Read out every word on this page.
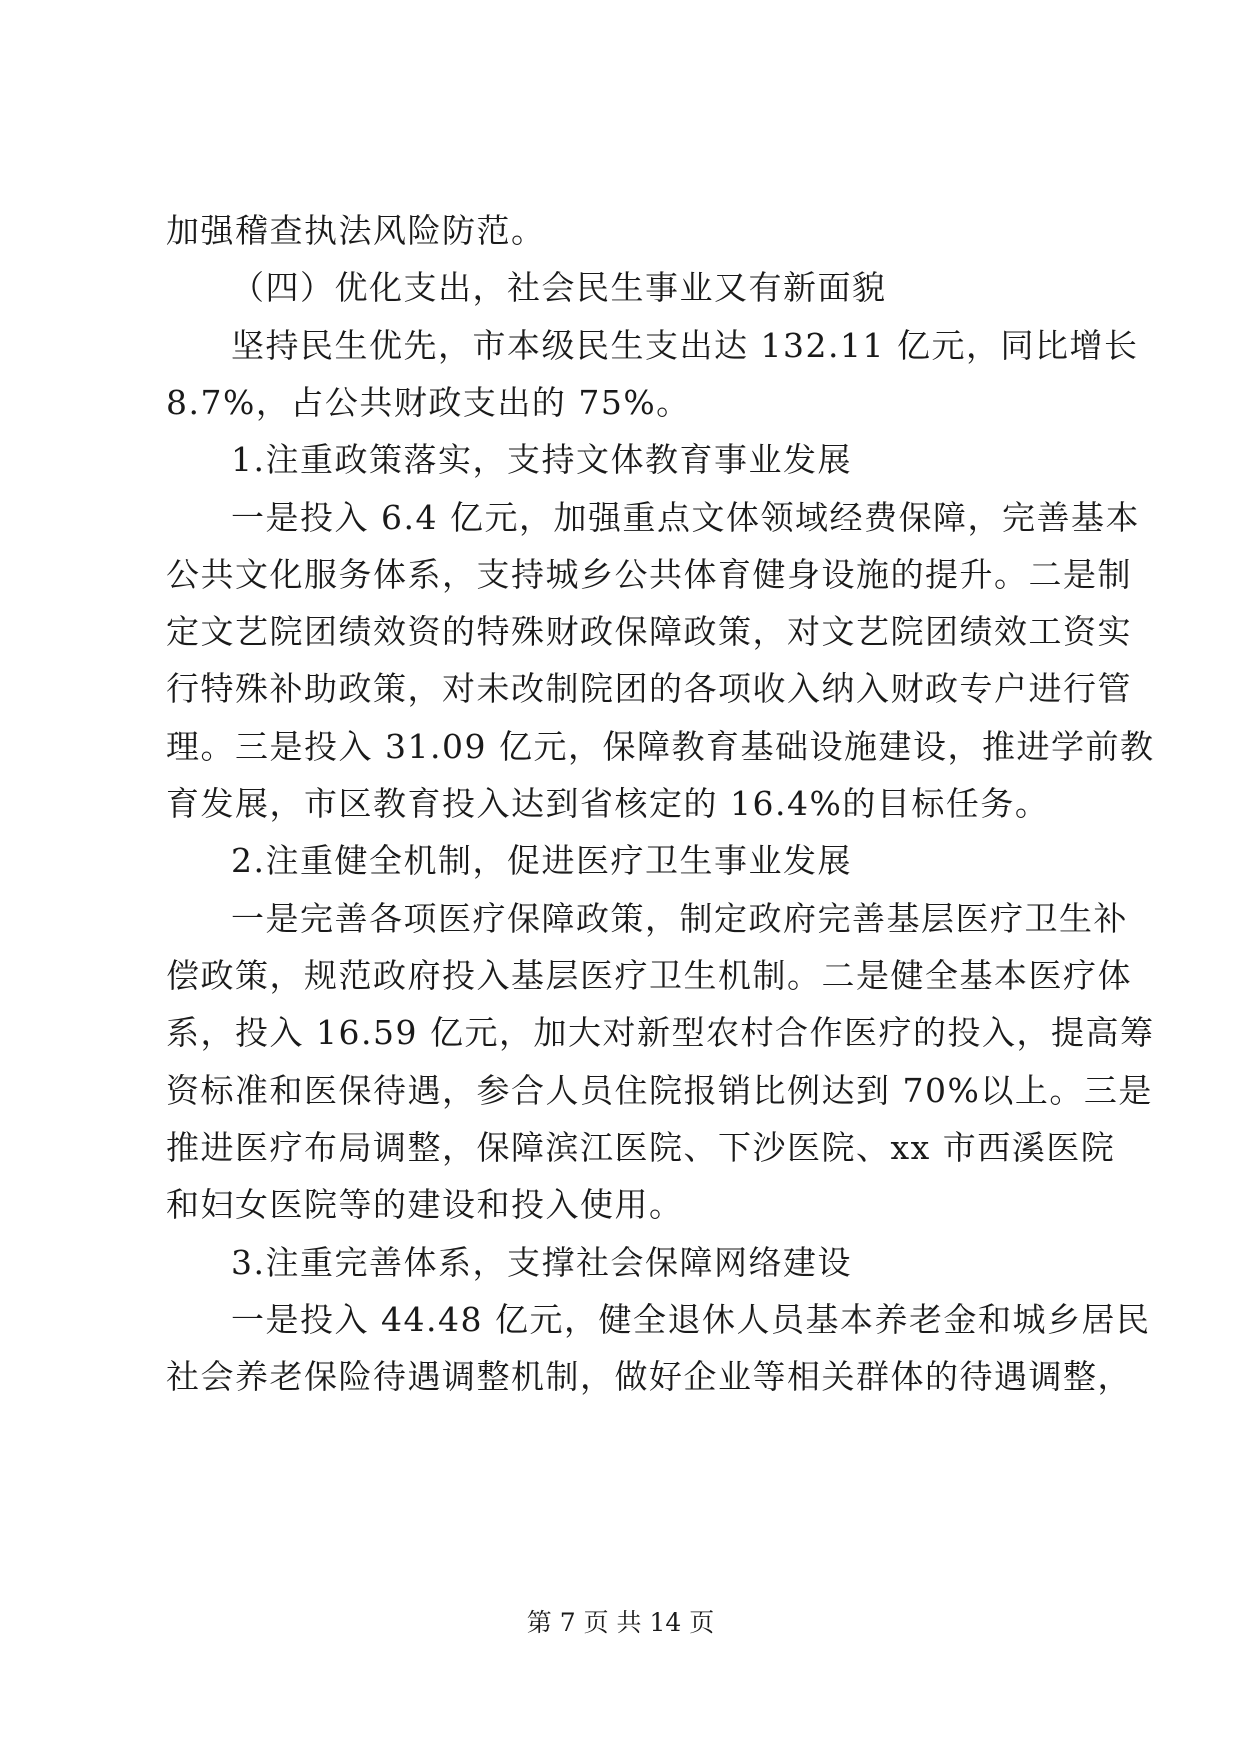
加强稽查执法风险防范。
（四）优化支出，社会民生事业又有新面貌
坚持民生优先，市本级民生支出达 132.11 亿元，同比增长
8.7%，占公共财政支出的 75%。
1.注重政策落实，支持文体教育事业发展
一是投入 6.4 亿元，加强重点文体领域经费保障，完善基本
公共文化服务体系，支持城乡公共体育健身设施的提升。二是制
定文艺院团绩效资的特殊财政保障政策，对文艺院团绩效工资实
行特殊补助政策，对未改制院团的各项收入纳入财政专户进行管
理。三是投入 31.09 亿元，保障教育基础设施建设，推进学前教
育发展，市区教育投入达到省核定的 16.4%的目标任务。
2.注重健全机制，促进医疗卫生事业发展
一是完善各项医疗保障政策，制定政府完善基层医疗卫生补
偿政策，规范政府投入基层医疗卫生机制。二是健全基本医疗体
系，投入 16.59 亿元，加大对新型农村合作医疗的投入，提高筹
资标准和医保待遇，参合人员住院报销比例达到 70%以上。三是
推进医疗布局调整，保障滨江医院、下沙医院、xx 市西溪医院
和妇女医院等的建设和投入使用。
3.注重完善体系，支撑社会保障网络建设
一是投入 44.48 亿元，健全退休人员基本养老金和城乡居民
社会养老保险待遇调整机制，做好企业等相关群体的待遇调整，
第 7 页 共 14 页
